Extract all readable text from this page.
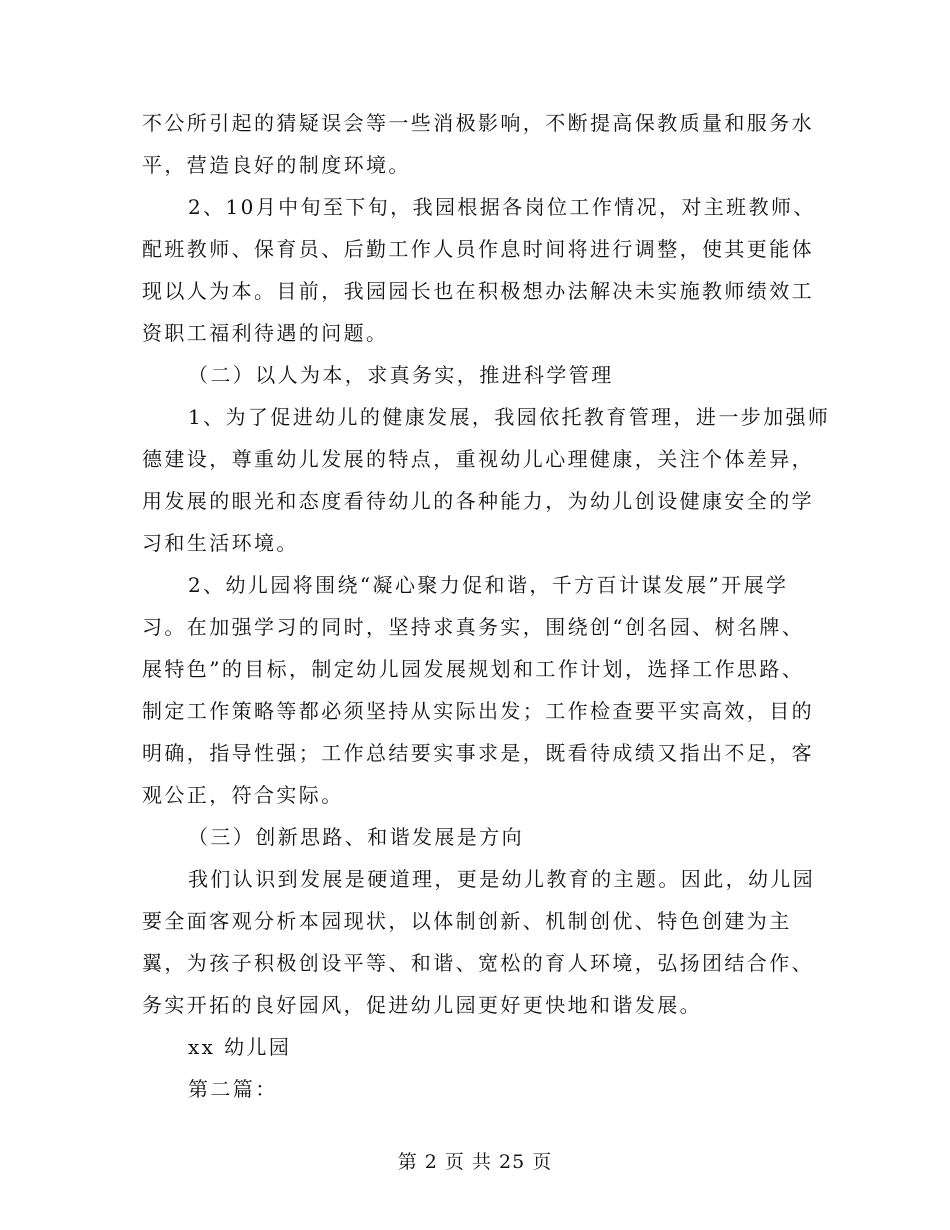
不公所引起的猜疑误会等一些消极影响，不断提高保教质量和服务水
平，营造良好的制度环境。
2、10月中旬至下旬，我园根据各岗位工作情况，对主班教师、
配班教师、保育员、后勤工作人员作息时间将进行调整，使其更能体
现以人为本。目前，我园园长也在积极想办法解决未实施教师绩效工
资职工福利待遇的问题。
（二）以人为本，求真务实，推进科学管理
1、为了促进幼儿的健康发展，我园依托教育管理，进一步加强师
德建设，尊重幼儿发展的特点，重视幼儿心理健康，关注个体差异，
用发展的眼光和态度看待幼儿的各种能力，为幼儿创设健康安全的学
习和生活环境。
2、幼儿园将围绕“凝心聚力促和谐，千方百计谋发展”开展学
习。在加强学习的同时，坚持求真务实，围绕创“创名园、树名牌、
展特色”的目标，制定幼儿园发展规划和工作计划，选择工作思路、
制定工作策略等都必须坚持从实际出发；工作检查要平实高效，目的
明确，指导性强；工作总结要实事求是，既看待成绩又指出不足，客
观公正，符合实际。
（三）创新思路、和谐发展是方向
我们认识到发展是硬道理，更是幼儿教育的主题。因此，幼儿园
要全面客观分析本园现状，以体制创新、机制创优、特色创建为主
翼，为孩子积极创设平等、和谐、宽松的育人环境，弘扬团结合作、
务实开拓的良好园风，促进幼儿园更好更快地和谐发展。
xx 幼儿园
第二篇：
第 2 页 共 25 页
